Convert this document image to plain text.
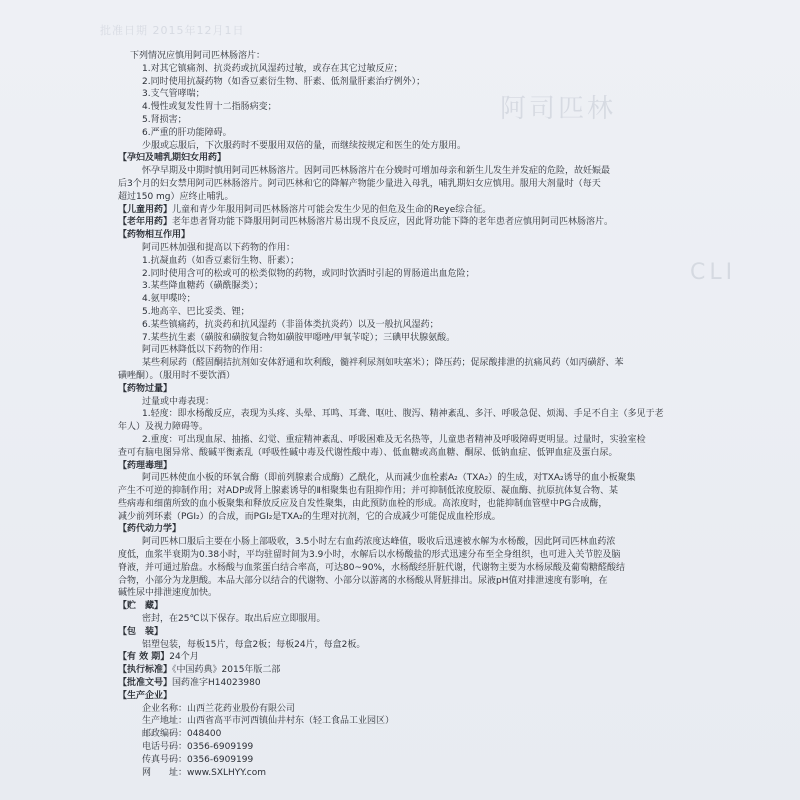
批准日期 2015年12月1日
阿司匹林
CLI
下列情况应慎用阿司匹林肠溶片：
1.对其它镇痛剂、抗炎药或抗风湿药过敏，或存在其它过敏反应；
2.同时使用抗凝药物（如香豆素衍生物、肝素、低剂量肝素治疗例外）；
3.支气管哮喘；
4.慢性或复发性胃十二指肠病变；
5.肾损害；
6.严重的肝功能障碍。
少服或忘服后，下次服药时不要服用双倍的量，而继续按规定和医生的处方服用。
【孕妇及哺乳期妇女用药】
怀孕早期及中期时慎用阿司匹林肠溶片。因阿司匹林肠溶片在分娩时可增加母亲和新生儿发生并发症的危险，故妊娠最
后3个月的妇女禁用阿司匹林肠溶片。阿司匹林和它的降解产物能少量进入母乳，哺乳期妇女应慎用。服用大剂量时（每天
超过150 mg）应终止哺乳。
【儿童用药】儿童和青少年服用阿司匹林肠溶片可能会发生少见的但危及生命的Reye综合征。
【老年用药】老年患者肾功能下降服用阿司匹林肠溶片易出现不良反应，因此肾功能下降的老年患者应慎用阿司匹林肠溶片。
【药物相互作用】
阿司匹林加强和提高以下药物的作用：
1.抗凝血药（如香豆素衍生物、肝素）；
2.同时使用含可的松或可的松类似物的药物，或同时饮酒时引起的胃肠道出血危险；
3.某些降血糖药（磺酰脲类）；
4.氨甲喋呤；
5.地高辛、巴比妥类、锂；
6.某些镇痛药，抗炎药和抗风湿药（非甾体类抗炎药）以及一般抗风湿药；
7.某些抗生素（磺胺和磺胺复合物如磺胺甲噁唑/甲氧苄啶）；三碘甲状腺氨酸。
阿司匹林降低以下药物的作用：
某些利尿药（醛固酮拮抗剂如安体舒通和坎利酸，髓袢利尿剂如呋塞米）；降压药；促尿酸排泄的抗痛风药（如丙磺舒、苯
磺唑酮）。（服用时不要饮酒）
【药物过量】
过量或中毒表现：
1.轻度：即水杨酸反应，表现为头疼、头晕、耳鸣、耳聋、呕吐、腹泻、精神紊乱、多汗、呼吸急促、烦渴、手足不自主（多见于老
年人）及视力障碍等。
2.重度：可出现血尿、抽搐、幻觉、重症精神紊乱、呼吸困难及无名热等，儿童患者精神及呼吸障碍更明显。过量时，实验室检
查可有脑电图异常、酸碱平衡紊乱（呼吸性碱中毒及代谢性酸中毒）、低血糖或高血糖、酮尿、低钠血症、低钾血症及蛋白尿。
【药理毒理】
阿司匹林使血小板的环氧合酶（即前列腺素合成酶）乙酰化，从而减少血栓素A₂（TXA₂）的生成，对TXA₂诱导的血小板聚集
产生不可逆的抑制作用；对ADP或肾上腺素诱导的Ⅱ相聚集也有阻抑作用；并可抑制低浓度胶原、凝血酶、抗原抗体复合物、某
些病毒和细菌所致的血小板聚集和释放反应及自发性聚集，由此预防血栓的形成。高浓度时，也能抑制血管壁中PG合成酶，
减少前列环素（PGI₂）的合成，而PGI₂是TXA₂的生理对抗剂，它的合成减少可能促成血栓形成。
【药代动力学】
阿司匹林口服后主要在小肠上部吸收，3.5小时左右血药浓度达峰值，吸收后迅速被水解为水杨酸，因此阿司匹林血药浓
度低，血浆半衰期为0.38小时，平均驻留时间为3.9小时，水解后以水杨酸盐的形式迅速分布至全身组织，也可进入关节腔及脑
脊液，并可通过胎盘。水杨酸与血浆蛋白结合率高，可达80~90%，水杨酸经肝脏代谢，代谢物主要为水杨尿酸及葡萄糖醛酸结
合物，小部分为龙胆酸。本品大部分以结合的代谢物、小部分以游离的水杨酸从肾脏排出。尿液pH值对排泄速度有影响，在
碱性尿中排泄速度加快。
【贮　藏】
密封，在25℃以下保存。取出后应立即服用。
【包　装】
铝塑包装，每板15片，每盒2板；每板24片，每盒2板。
【有 效 期】24个月
【执行标准】《中国药典》2015年版二部
【批准文号】国药准字H14023980
【生产企业】
企业名称：山西兰花药业股份有限公司
生产地址：山西省高平市河西镇仙井村东（轻工食品工业园区）
邮政编码：048400
电话号码：0356-6909199
传真号码：0356-6909199
网　　址：www.SXLHYY.com
